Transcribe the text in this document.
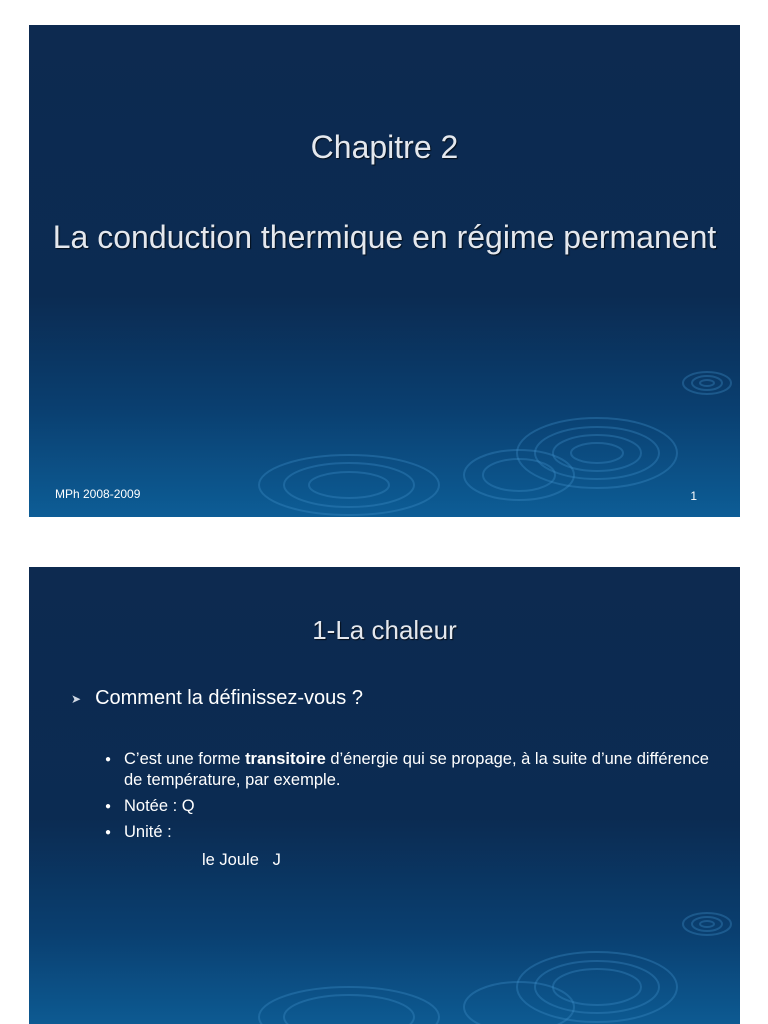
Chapitre 2
La conduction thermique en régime permanent
MPh 2008-2009	1
1-La chaleur
➤ Comment la définissez-vous ?
● C’est une forme transitoire d’énergie qui se propage, à la suite d’une différence de température, par exemple.
● Notée : Q
● Unité :
le Joule   J
